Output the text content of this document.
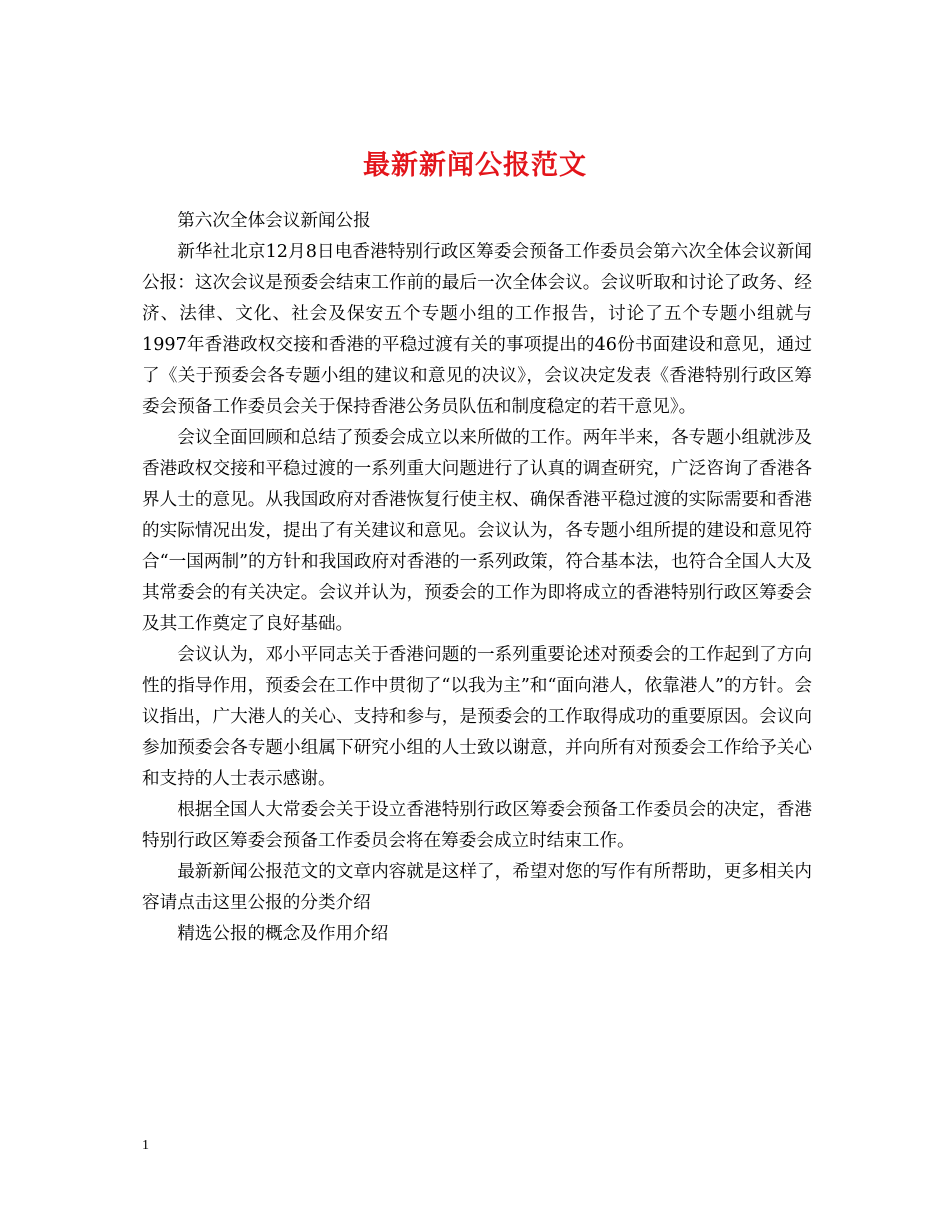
最新新闻公报范文

第六次全体会议新闻公报

新华社北京12月8日电香港特别行政区筹委会预备工作委员会第六次全体会议新闻公报：这次会议是预委会结束工作前的最后一次全体会议。会议听取和讨论了政务、经济、法律、文化、社会及保安五个专题小组的工作报告，讨论了五个专题小组就与1997年香港政权交接和香港的平稳过渡有关的事项提出的46份书面建设和意见，通过了《关于预委会各专题小组的建议和意见的决议》，会议决定发表《香港特别行政区筹委会预备工作委员会关于保持香港公务员队伍和制度稳定的若干意见》。

会议全面回顾和总结了预委会成立以来所做的工作。两年半来，各专题小组就涉及香港政权交接和平稳过渡的一系列重大问题进行了认真的调查研究，广泛咨询了香港各界人士的意见。从我国政府对香港恢复行使主权、确保香港平稳过渡的实际需要和香港的实际情况出发，提出了有关建议和意见。会议认为，各专题小组所提的建设和意见符合“一国两制”的方针和我国政府对香港的一系列政策，符合基本法，也符合全国人大及其常委会的有关决定。会议并认为，预委会的工作为即将成立的香港特别行政区筹委会及其工作奠定了良好基础。

会议认为，邓小平同志关于香港问题的一系列重要论述对预委会的工作起到了方向性的指导作用，预委会在工作中贯彻了“以我为主”和“面向港人，依靠港人”的方针。会议指出，广大港人的关心、支持和参与，是预委会的工作取得成功的重要原因。会议向参加预委会各专题小组属下研究小组的人士致以谢意，并向所有对预委会工作给予关心和支持的人士表示感谢。

根据全国人大常委会关于设立香港特别行政区筹委会预备工作委员会的决定，香港特别行政区筹委会预备工作委员会将在筹委会成立时结束工作。

最新新闻公报范文的文章内容就是这样了，希望对您的写作有所帮助，更多相关内容请点击这里公报的分类介绍

精选公报的概念及作用介绍

1
